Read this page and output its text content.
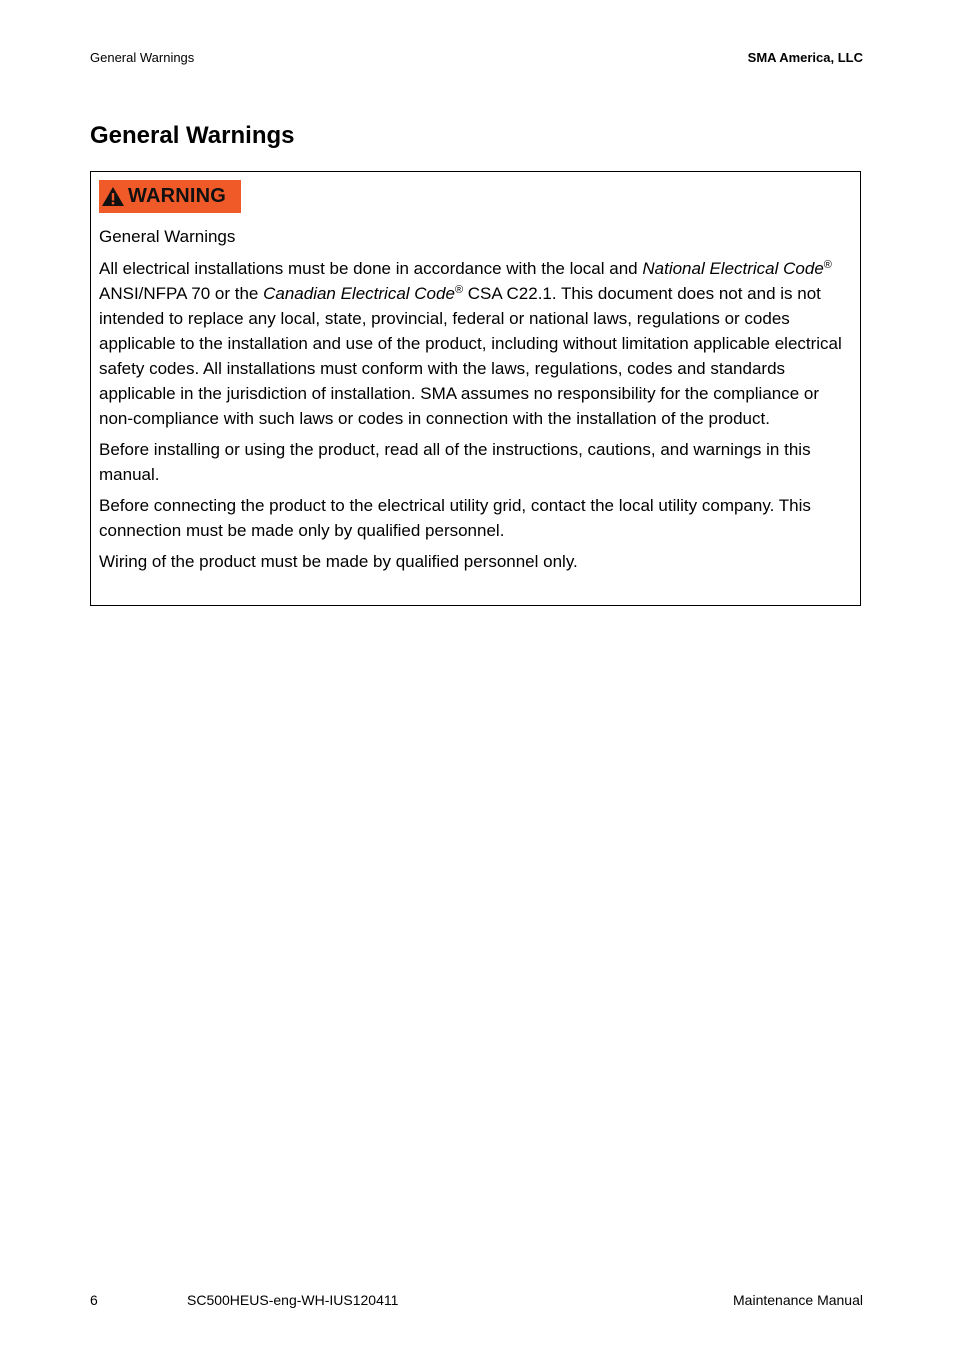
General Warnings	SMA America, LLC
General Warnings
WARNING

General Warnings

All electrical installations must be done in accordance with the local and National Electrical Code® ANSI/NFPA 70 or the Canadian Electrical Code® CSA C22.1. This document does not and is not intended to replace any local, state, provincial, federal or national laws, regulations or codes applicable to the installation and use of the product, including without limitation applicable electrical safety codes. All installations must conform with the laws, regulations, codes and standards applicable in the jurisdiction of installation. SMA assumes no responsibility for the compliance or non-compliance with such laws or codes in connection with the installation of the product.

Before installing or using the product, read all of the instructions, cautions, and warnings in this manual.

Before connecting the product to the electrical utility grid, contact the local utility company. This connection must be made only by qualified personnel.

Wiring of the product must be made by qualified personnel only.

6	SC500HEUS-eng-WH-IUS120411	Maintenance Manual
